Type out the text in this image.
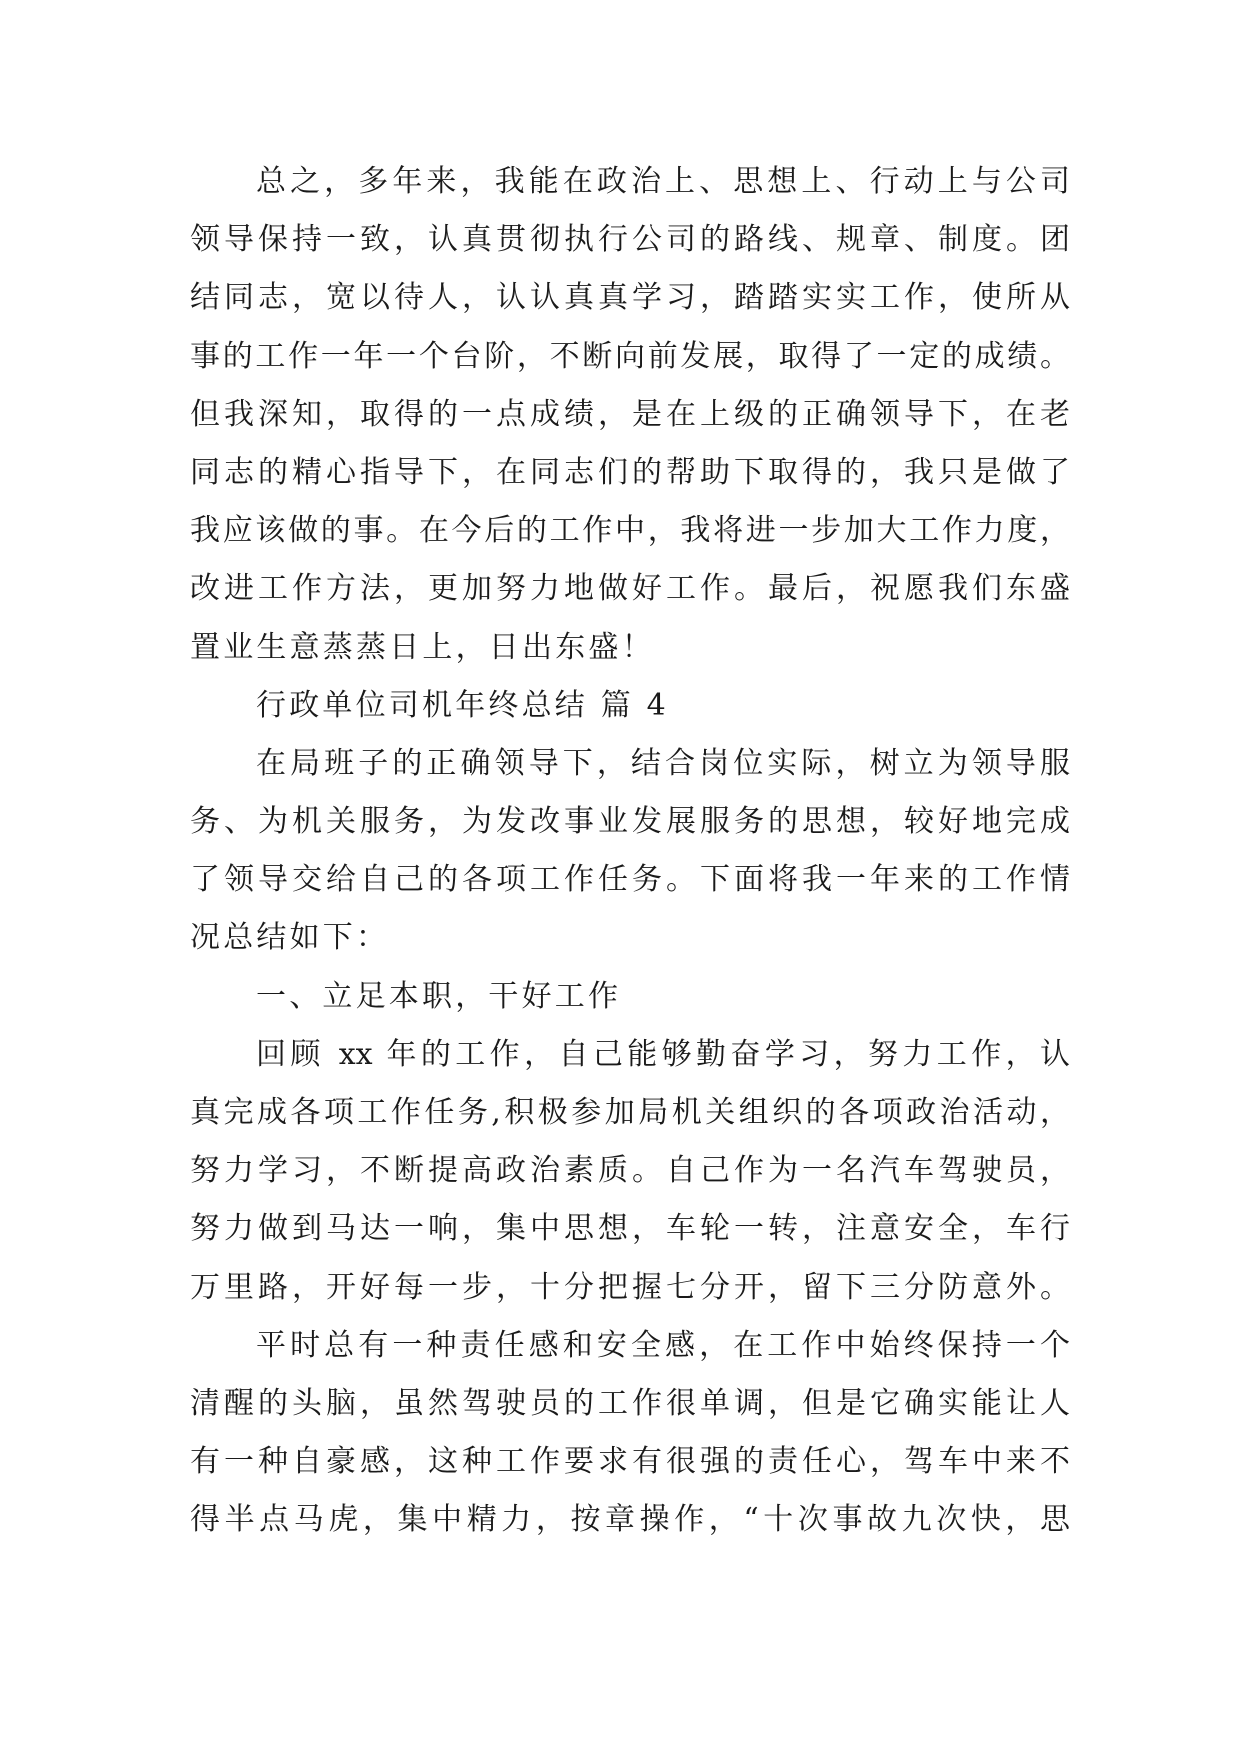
总之，多年来，我能在政治上、思想上、行动上与公司
领导保持一致，认真贯彻执行公司的路线、规章、制度。团
结同志，宽以待人，认认真真学习，踏踏实实工作，使所从
事的工作一年一个台阶，不断向前发展，取得了一定的成绩。
但我深知，取得的一点成绩，是在上级的正确领导下，在老
同志的精心指导下，在同志们的帮助下取得的，我只是做了
我应该做的事。在今后的工作中，我将进一步加大工作力度，
改进工作方法，更加努力地做好工作。最后，祝愿我们东盛
置业生意蒸蒸日上，日出东盛！
行政单位司机年终总结 篇 4
在局班子的正确领导下，结合岗位实际，树立为领导服
务、为机关服务，为发改事业发展服务的思想，较好地完成
了领导交给自己的各项工作任务。下面将我一年来的工作情
况总结如下：
一、立足本职，干好工作
回顾 xx 年的工作，自己能够勤奋学习，努力工作，认
真完成各项工作任务,积极参加局机关组织的各项政治活动，
努力学习，不断提高政治素质。自己作为一名汽车驾驶员，
努力做到马达一响，集中思想，车轮一转，注意安全，车行
万里路，开好每一步，十分把握七分开，留下三分防意外。
平时总有一种责任感和安全感，在工作中始终保持一个
清醒的头脑，虽然驾驶员的工作很单调，但是它确实能让人
有一种自豪感，这种工作要求有很强的责任心，驾车中来不
得半点马虎，集中精力，按章操作，“十次事故九次快，思
